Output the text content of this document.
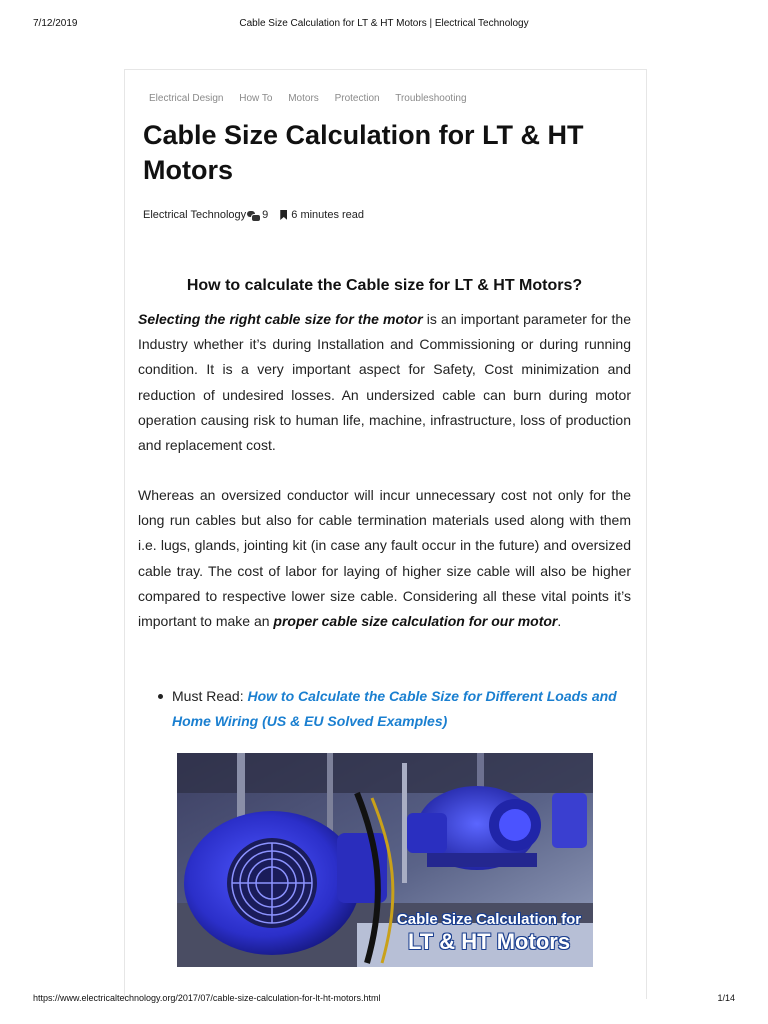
7/12/2019	Cable Size Calculation for LT & HT Motors | Electrical Technology
Electrical Design How To Motors Protection Troubleshooting
Cable Size Calculation for LT & HT Motors
Electrical Technology 9 6 minutes read
How to calculate the Cable size for LT & HT Motors?

Selecting the right cable size for the motor is an important parameter for the Industry whether it’s during Installation and Commissioning or during running condition. It is a very important aspect for Safety, Cost minimization and reduction of undesired losses. An undersized cable can burn during motor operation causing risk to human life, machine, infrastructure, loss of production and replacement cost.

Whereas an oversized conductor will incur unnecessary cost not only for the long run cables but also for cable termination materials used along with them i.e. lugs, glands, jointing kit (in case any fault occur in the future) and oversized cable tray. The cost of labor for laying of higher size cable will also be higher compared to respective lower size cable. Considering all these vital points it’s important to make an proper cable size calculation for our motor.

Must Read: How to Calculate the Cable Size for Different Loads and Home Wiring (US & EU Solved Examples)
Cable Size Calculation for
LT & HT Motors
https://www.electricaltechnology.org/2017/07/cable-size-calculation-for-lt-ht-motors.html	1/14
